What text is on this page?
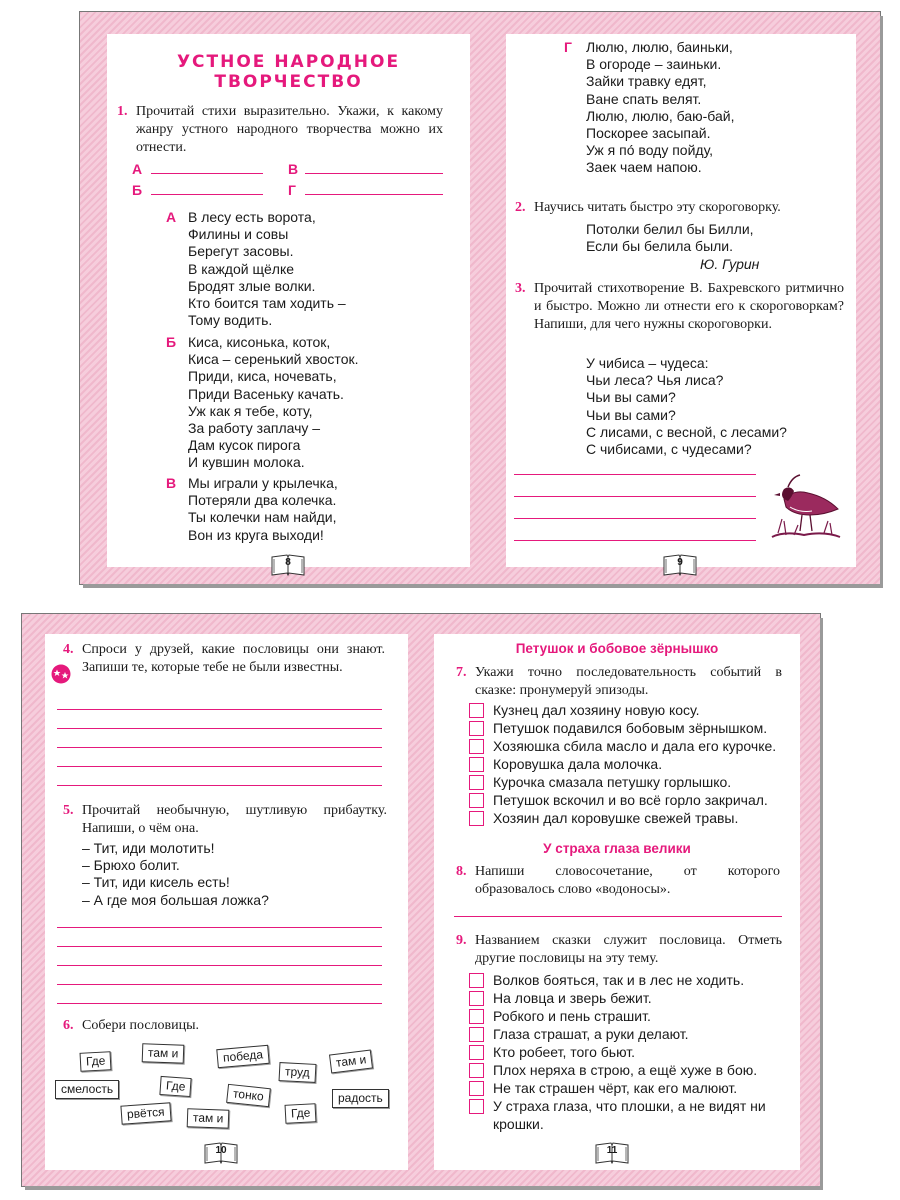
УСТНОЕ НАРОДНОЕ ТВОРЧЕСТВО
1. Прочитай стихи выразительно. Укажи, к какому жанру устного народного творчества можно их отнести.
А	В
Б	Г
А В лесу есть ворота,
Филины и совы
Берегут засовы.
В каждой щёлке
Бродят злые волки.
Кто боится там ходить –
Тому водить.
Б Киса, кисонька, коток,
Киса – серенький хвосток.
Приди, киса, ночевать,
Приди Васеньку качать.
Уж как я тебе, коту,
За работу заплачу –
Дам кусок пирога
И кувшин молока.
В Мы играли у крылечка,
Потеряли два колечка.
Ты колечки нам найди,
Вон из круга выходи!
8
Г Люлю, люлю, баиньки,
В огороде – заиньки.
Зайки травку едят,
Ване спать велят.
Люлю, люлю, баю-бай,
Поскорее засыпай.
Уж я по́ воду пойду,
Заек чаем напою.
2. Научись читать быстро эту скороговорку.
Потолки белил бы Билли,
Если бы белила были.
Ю. Гурин
3. Прочитай стихотворение В. Бахревского ритмично и быстро. Можно ли отнести его к скороговоркам? Напиши, для чего нужны скороговорки.
У чибиса – чудеса:
Чьи леса? Чья лиса?
Чьи вы сами?
Чьи вы сами?
С лисами, с весной, с лесами?
С чибисами, с чудесами?
9
4. Спроси у друзей, какие пословицы они знают. Запиши те, которые тебе не были известны.
5. Прочитай необычную, шутливую прибаутку. Напиши, о чём она.
– Тит, иди молотить!
– Брюхо болит.
– Тит, иди кисель есть!
– А где моя большая ложка?
6. Собери пословицы.
Где
там и	победа
труд
там и
смелость	Где
тонко	радость
рвётся	там и	Где
10
Петушок и бобовое зёрнышко
7. Укажи точно последовательность событий в сказке: пронумеруй эпизоды.
Кузнец дал хозяину новую косу.
Петушок подавился бобовым зёрнышком.
Хозяюшка сбила масло и дала его курочке.
Коровушка дала молочка.
Курочка смазала петушку горлышко.
Петушок вскочил и во всё горло закричал.
Хозяин дал коровушке свежей травы.
У страха глаза велики
8. Напиши словосочетание, от которого образовалось слово «водоносы».
9. Названием сказки служит пословица. Отметь другие пословицы на эту тему.
Волков бояться, так и в лес не ходить.
На ловца и зверь бежит.
Робкого и пень страшит.
Глаза страшат, а руки делают.
Кто робеет, того бьют.
Плох неряха в строю, а ещё хуже в бою.
Не так страшен чёрт, как его малюют.
У страха глаза, что плошки, а не видят ни крошки.
11
